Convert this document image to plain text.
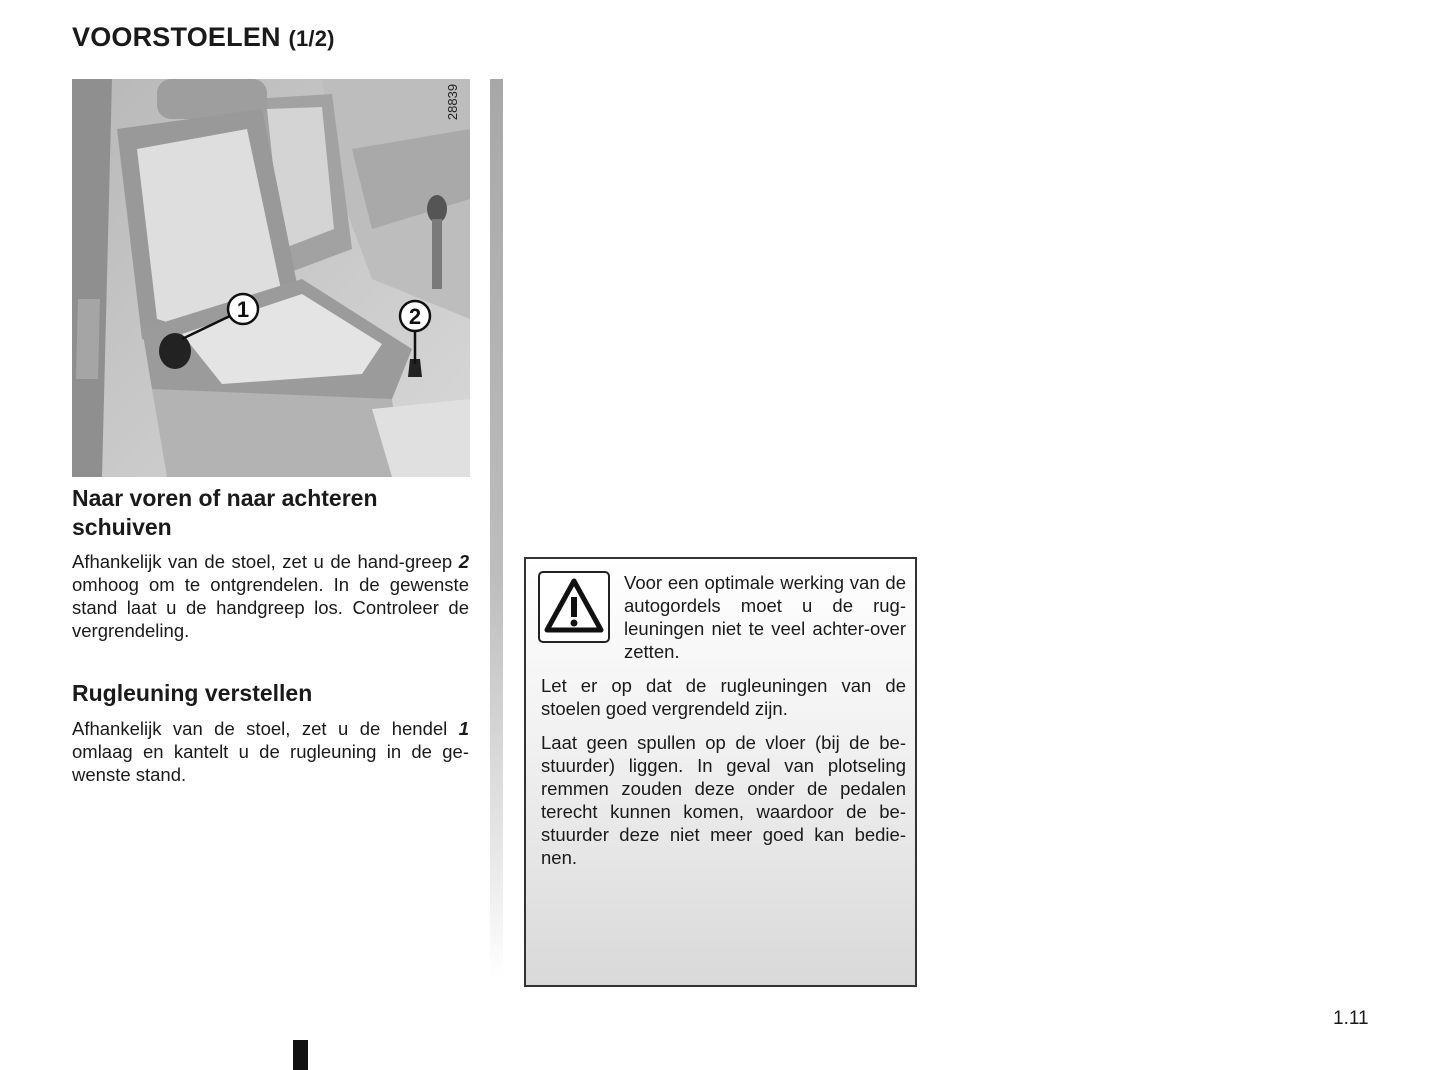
VOORSTOELEN (1/2)
1	2
28839
Naar voren of naar achteren
schuiven

Afhankelijk van de stoel, zet u de hand-greep 2 omhoog om te ontgrendelen. In de gewenste stand laat u de handgreep los. Controleer de vergrendeling.

Rugleuning verstellen

Afhankelijk van de stoel, zet u de hendel 1 omlaag en kantelt u de rugleuning in de ge-wenste stand.

Voor een optimale werking van de autogordels moet u de rug-leuningen niet te veel achter-over zetten.

Let er op dat de rugleuningen van de stoelen goed vergrendeld zijn.

Laat geen spullen op de vloer (bij de be-stuurder) liggen. In geval van plotseling remmen zouden deze onder de pedalen terecht kunnen komen, waardoor de be-stuurder deze niet meer goed kan bedie-nen.

1.11
